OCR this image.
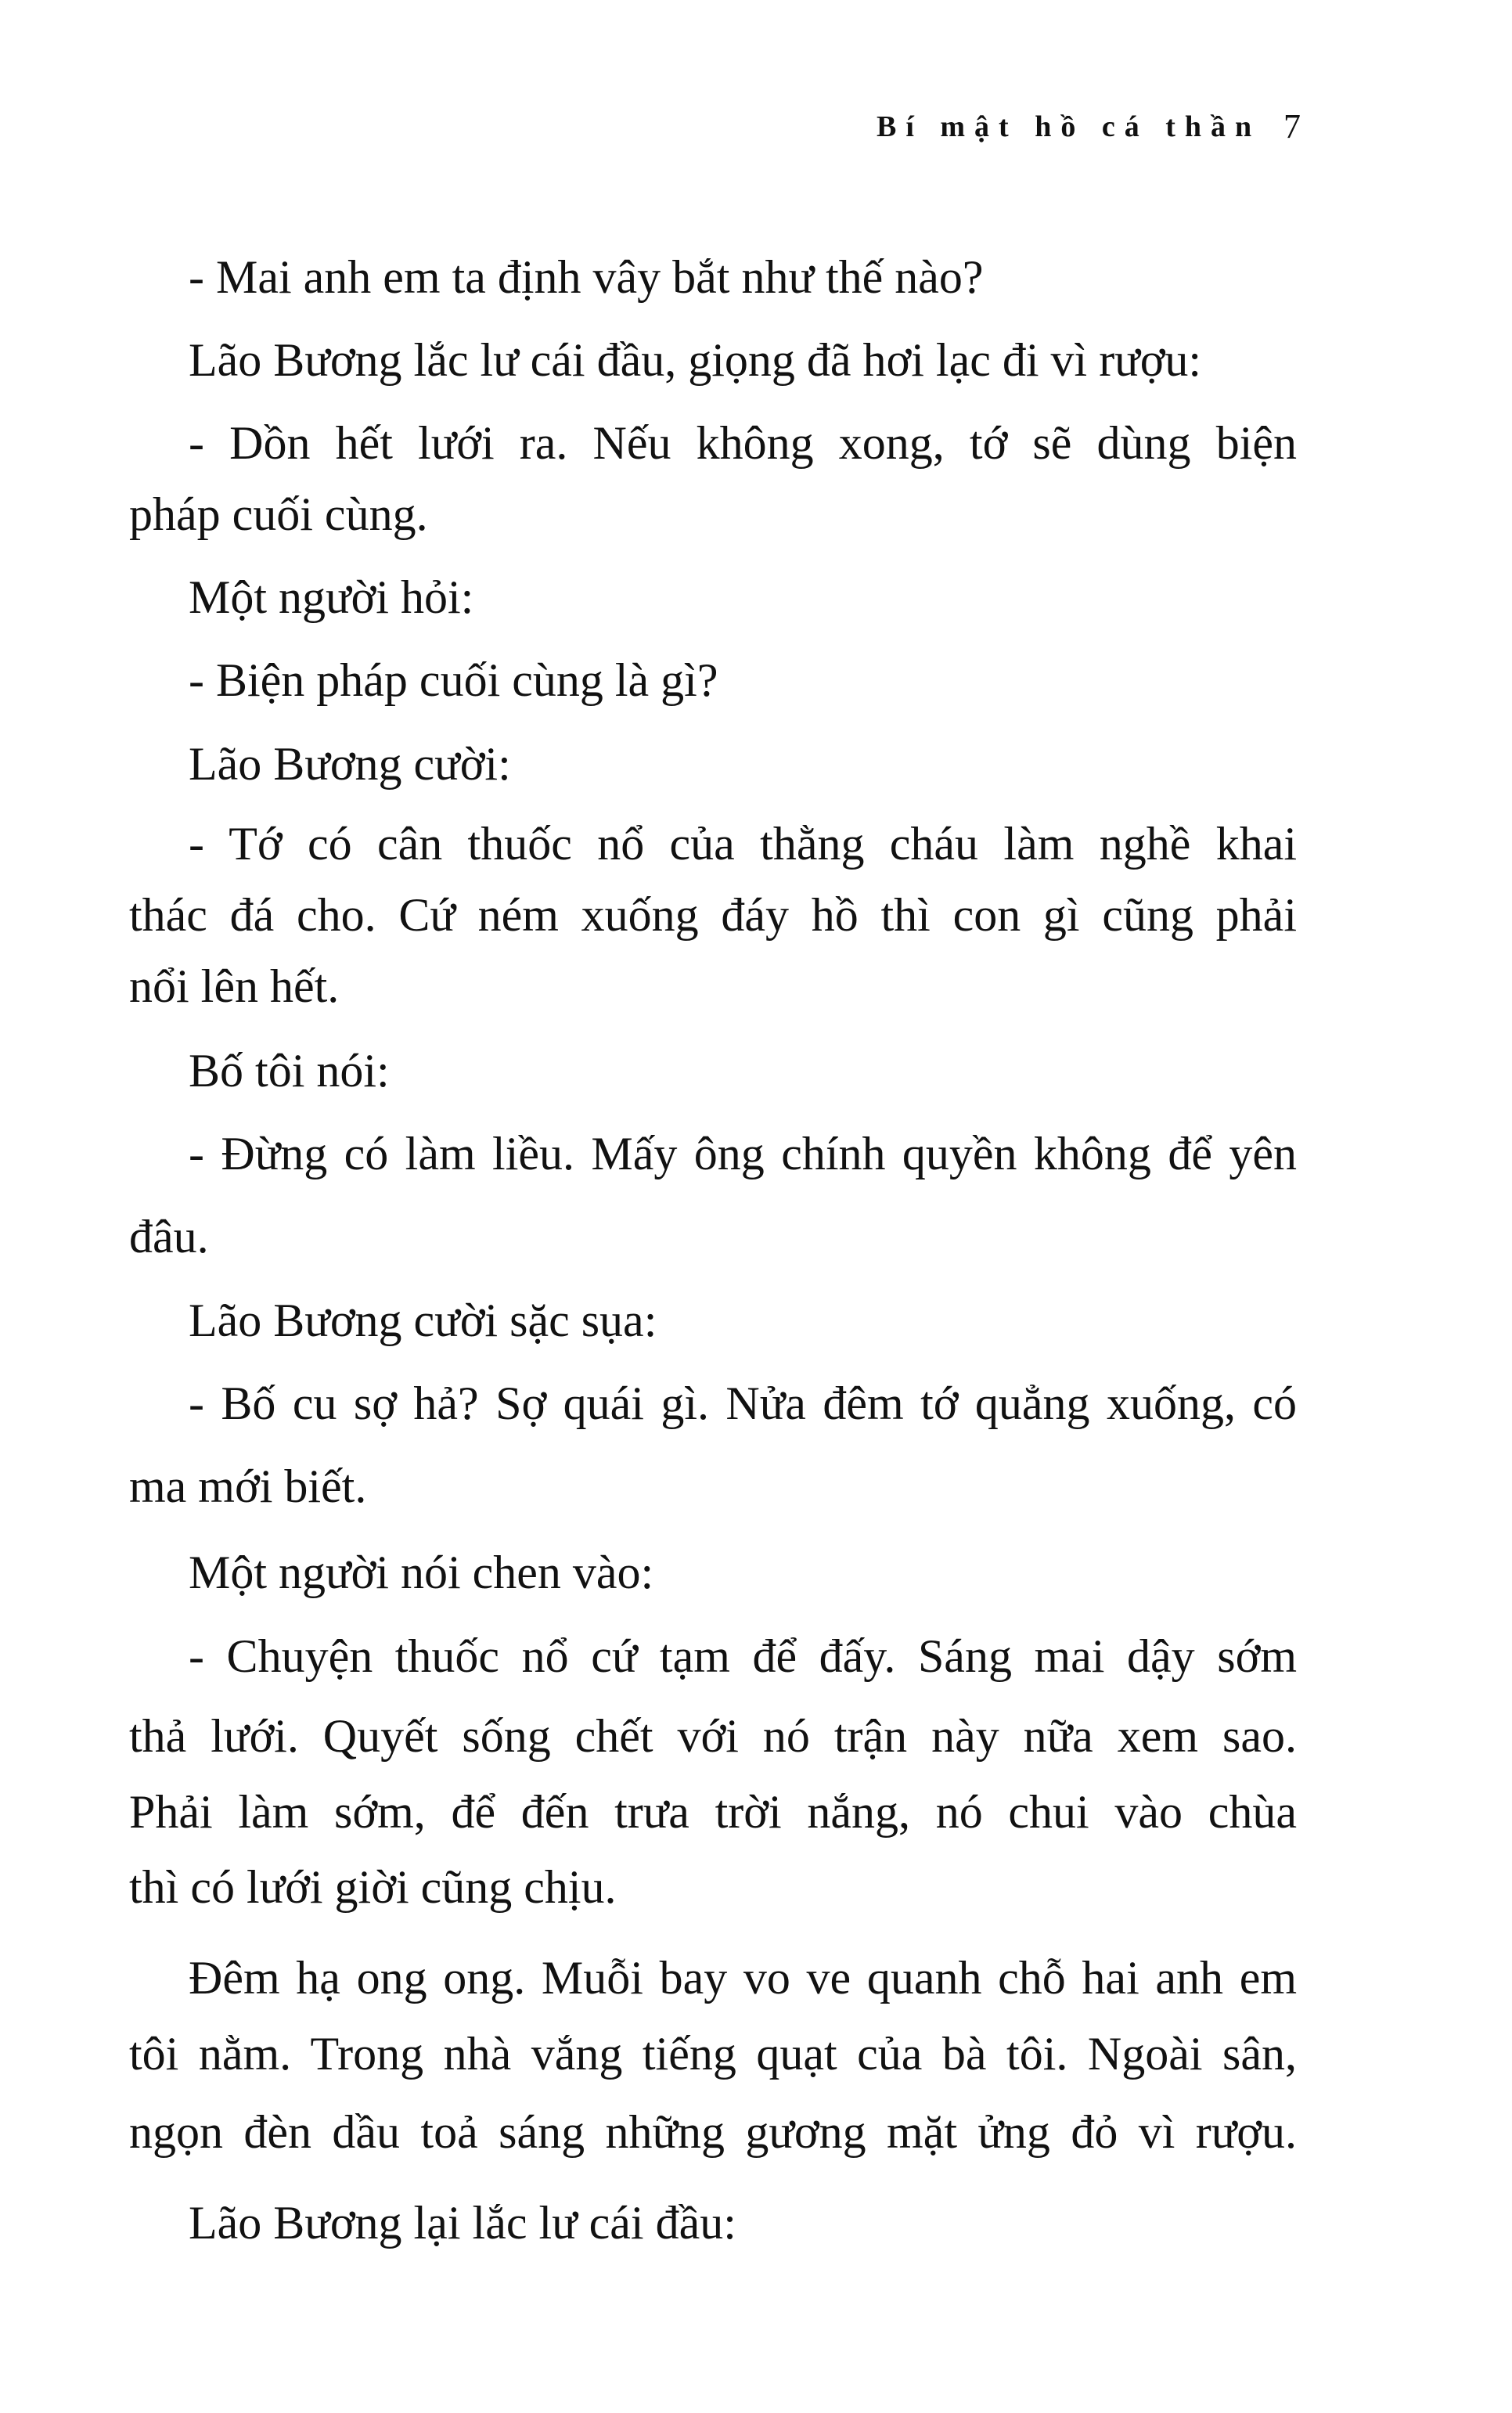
Bí mật hồ cá thần 7
- Mai anh em ta định vây bắt như thế nào?
Lão Bương lắc lư cái đầu, giọng đã hơi lạc đi vì rượu:
- Dồn hết lưới ra. Nếu không xong, tớ sẽ dùng biện
pháp cuối cùng.
Một người hỏi:
- Biện pháp cuối cùng là gì?
Lão Bương cười:
- Tớ có cân thuốc nổ của thằng cháu làm nghề khai
thác đá cho. Cứ ném xuống đáy hồ thì con gì cũng phải
nổi lên hết.
Bố tôi nói:
- Đừng có làm liều. Mấy ông chính quyền không để yên
đâu.
Lão Bương cười sặc sụa:
- Bố cu sợ hả? Sợ quái gì. Nửa đêm tớ quẳng xuống, có
ma mới biết.
Một người nói chen vào:
- Chuyện thuốc nổ cứ tạm để đấy. Sáng mai dậy sớm
thả lưới. Quyết sống chết với nó trận này nữa xem sao.
Phải làm sớm, để đến trưa trời nắng, nó chui vào chùa
thì có lưới giời cũng chịu.
Đêm hạ ong ong. Muỗi bay vo ve quanh chỗ hai anh em
tôi nằm. Trong nhà vắng tiếng quạt của bà tôi. Ngoài sân,
ngọn đèn dầu toả sáng những gương mặt ửng đỏ vì rượu.
Lão Bương lại lắc lư cái đầu:
